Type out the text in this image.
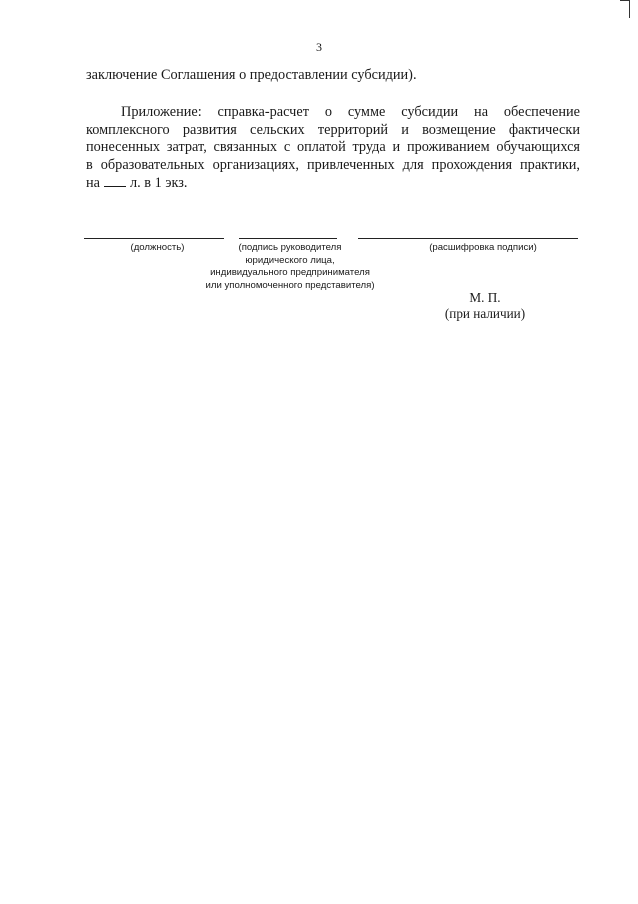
3
заключение Соглашения о предоставлении субсидии).
Приложение: справка-расчет о сумме субсидии на обеспечение
комплексного развития сельских территорий и возмещение фактически
понесенных затрат, связанных с оплатой труда и проживанием обучающихся
в образовательных организациях, привлеченных для прохождения практики,
на л. в 1 экз.
(должность)	(подпись руководителя
юридического лица,
индивидуального предпринимателя
или уполномоченного представителя)
(расшифровка подписи)
М. П.
(при наличии)
